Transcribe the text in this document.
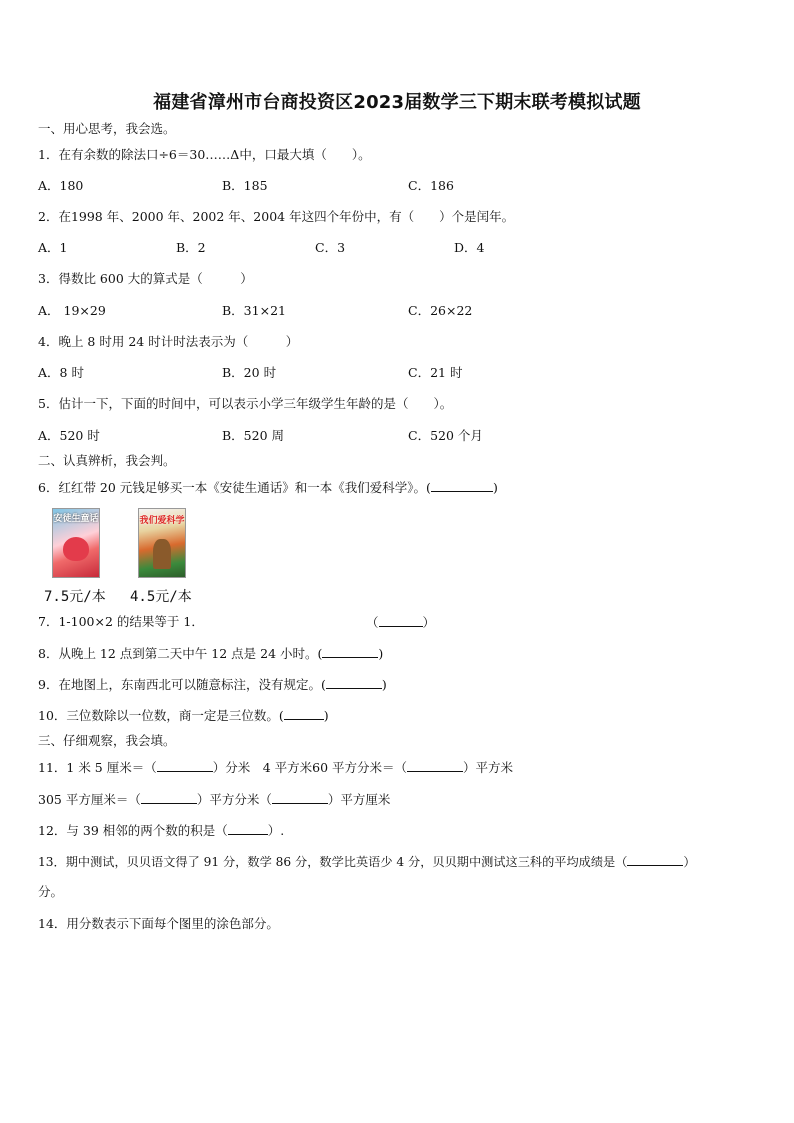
福建省漳州市台商投资区2023届数学三下期末联考模拟试题
一、用心思考，我会选。
1．在有余数的除法口÷6＝30……Δ中，口最大填（　　）。
A．180	B．185	C．186
2．在1998 年、2000 年、2002 年、2004 年这四个年份中，有（　　）个是闰年。
A．1	B．2	C．3	D．4
3．得数比 600 大的算式是（　　　）
A． 19×29	B．31×21	C．26×22
4．晚上 8 时用 24 时计时法表示为（　　　）
A．8 时	B．20 时	C．21 时
5．估计一下，下面的时间中，可以表示小学三年级学生年龄的是（　　）。
A．520 时	B．520 周	C．520 个月
二、认真辨析，我会判。
6．红红带 20 元钱足够买一本《安徒生通话》和一本《我们爱科学》。(	)
安徒生童话	我们爱科学
7.5元/本 4.5元/本
7．1-100×2 的结果等于 1．	（	）
8．从晚上 12 点到第二天中午 12 点是 24 小时。(	)
9．在地图上，东南西北可以随意标注，没有规定。(	)
10．三位数除以一位数，商一定是三位数。(	)
三、仔细观察，我会填。
11．1 米 5 厘米＝（	）分米　4 平方米60 平方分米＝（	）平方米
305 平方厘米＝（	）平方分米（	）平方厘米
12．与 39 相邻的两个数的积是（	）.
13．期中测试，贝贝语文得了 91 分，数学 86 分，数学比英语少 4 分，贝贝期中测试这三科的平均成绩是（	）
分。
14．用分数表示下面每个图里的涂色部分。
